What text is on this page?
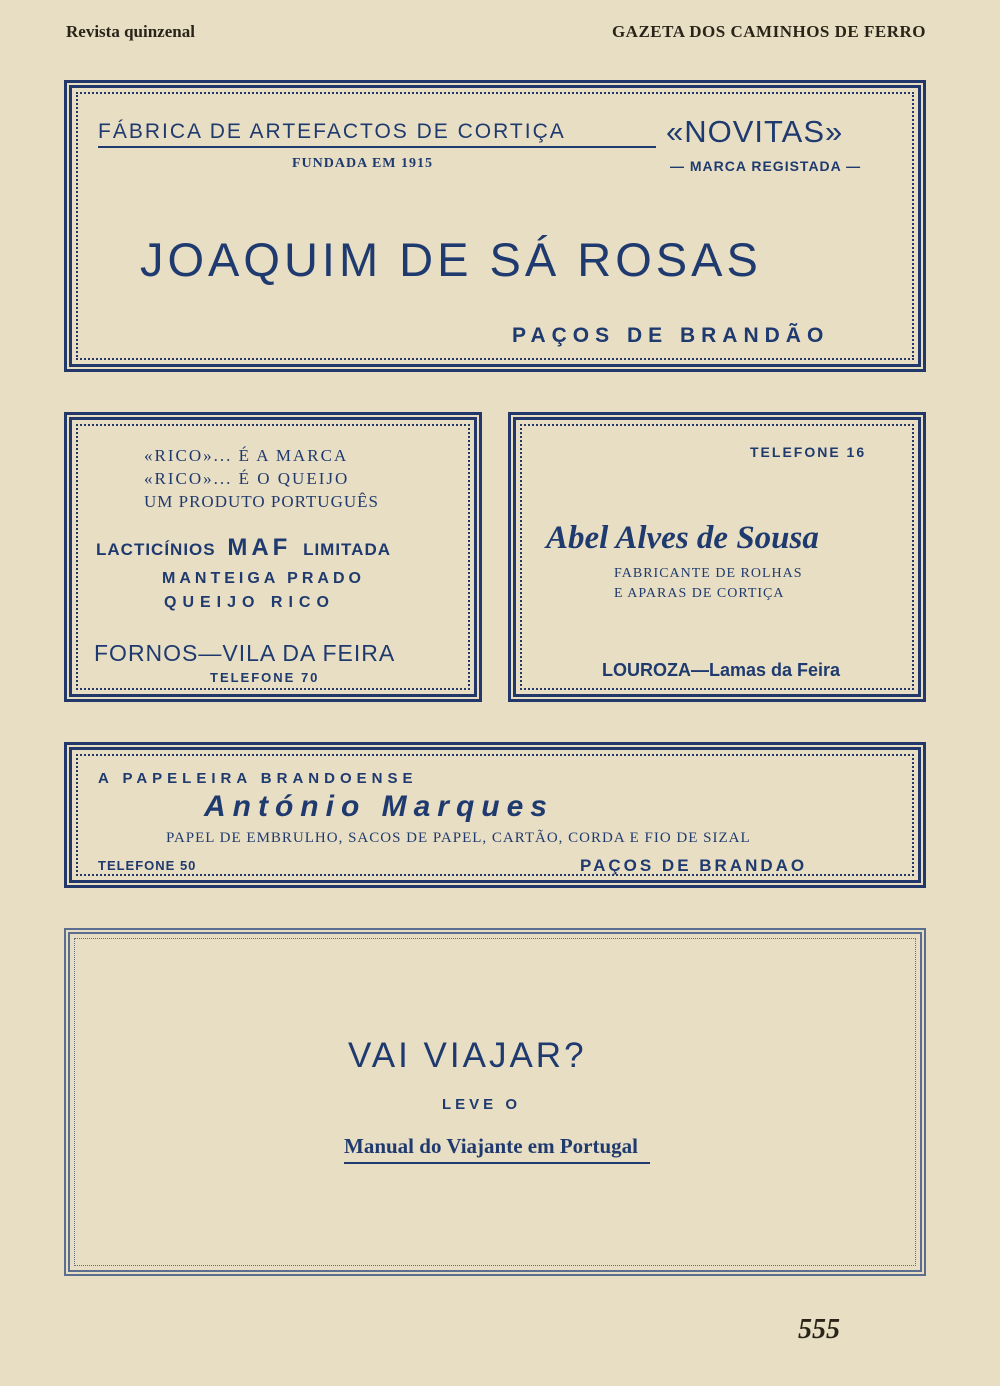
Revista quinzenal	GAZETA DOS CAMINHOS DE FERRO
FÁBRICA DE ARTEFACTOS DE CORTIÇA
FUNDADA EM 1915
«NOVITAS»
— MARCA REGISTADA —
JOAQUIM DE SÁ ROSAS
PAÇOS DE BRANDÃO
«RICO»... É A MARCA
«RICO»... É O QUEIJO
UM PRODUTO PORTUGUÊS
LACTICÍNIOS MAF LIMITADA
MANTEIGA PRADO
QUEIJO RICO
FORNOS—VILA DA FEIRA
TELEFONE 70
TELEFONE 16
Abel Alves de Sousa
FABRICANTE DE ROLHAS
E APARAS DE CORTIÇA
LOUROZA—Lamas da Feira
A PAPELEIRA BRANDOENSE
António Marques
PAPEL DE EMBRULHO, SACOS DE PAPEL, CARTÃO, CORDA E FIO DE SIZAL
TELEFONE 50	PAÇOS DE BRANDAO
VAI VIAJAR?
LEVE O
Manual do Viajante em Portugal
555
